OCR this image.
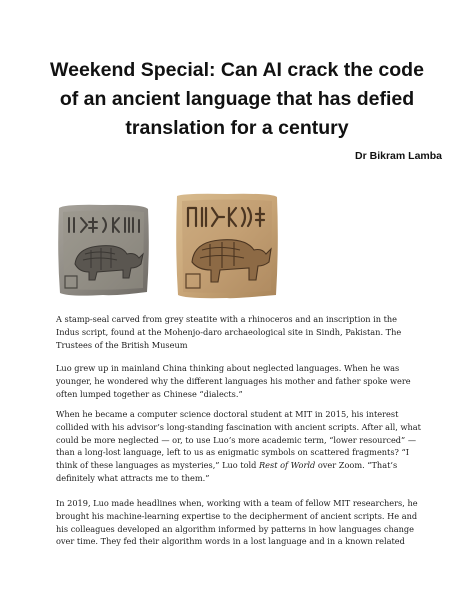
Weekend Special: Can AI crack the code of an ancient language that has defied translation for a century
Dr Bikram Lamba

A stamp-seal carved from grey steatite with a rhinoceros and an inscription in the Indus script, found at the Mohenjo-daro archaeological site in Sindh, Pakistan. The Trustees of the British Museum

Luo grew up in mainland China thinking about neglected languages. When he was younger, he wondered why the different languages his mother and father spoke were often lumped together as Chinese “dialects.”

When he became a computer science doctoral student at MIT in 2015, his interest collided with his advisor’s long-standing fascination with ancient scripts. After all, what could be more neglected — or, to use Luo’s more academic term, “lower resourced” — than a long-lost language, left to us as enigmatic symbols on scattered fragments? “I think of these languages as mysteries,” Luo told Rest of World over Zoom. “That’s definitely what attracts me to them.”

In 2019, Luo made headlines when, working with a team of fellow MIT researchers, he brought his machine-learning expertise to the decipherment of ancient scripts. He and his colleagues developed an algorithm informed by patterns in how languages change over time. They fed their algorithm words in a lost language and in a known related
